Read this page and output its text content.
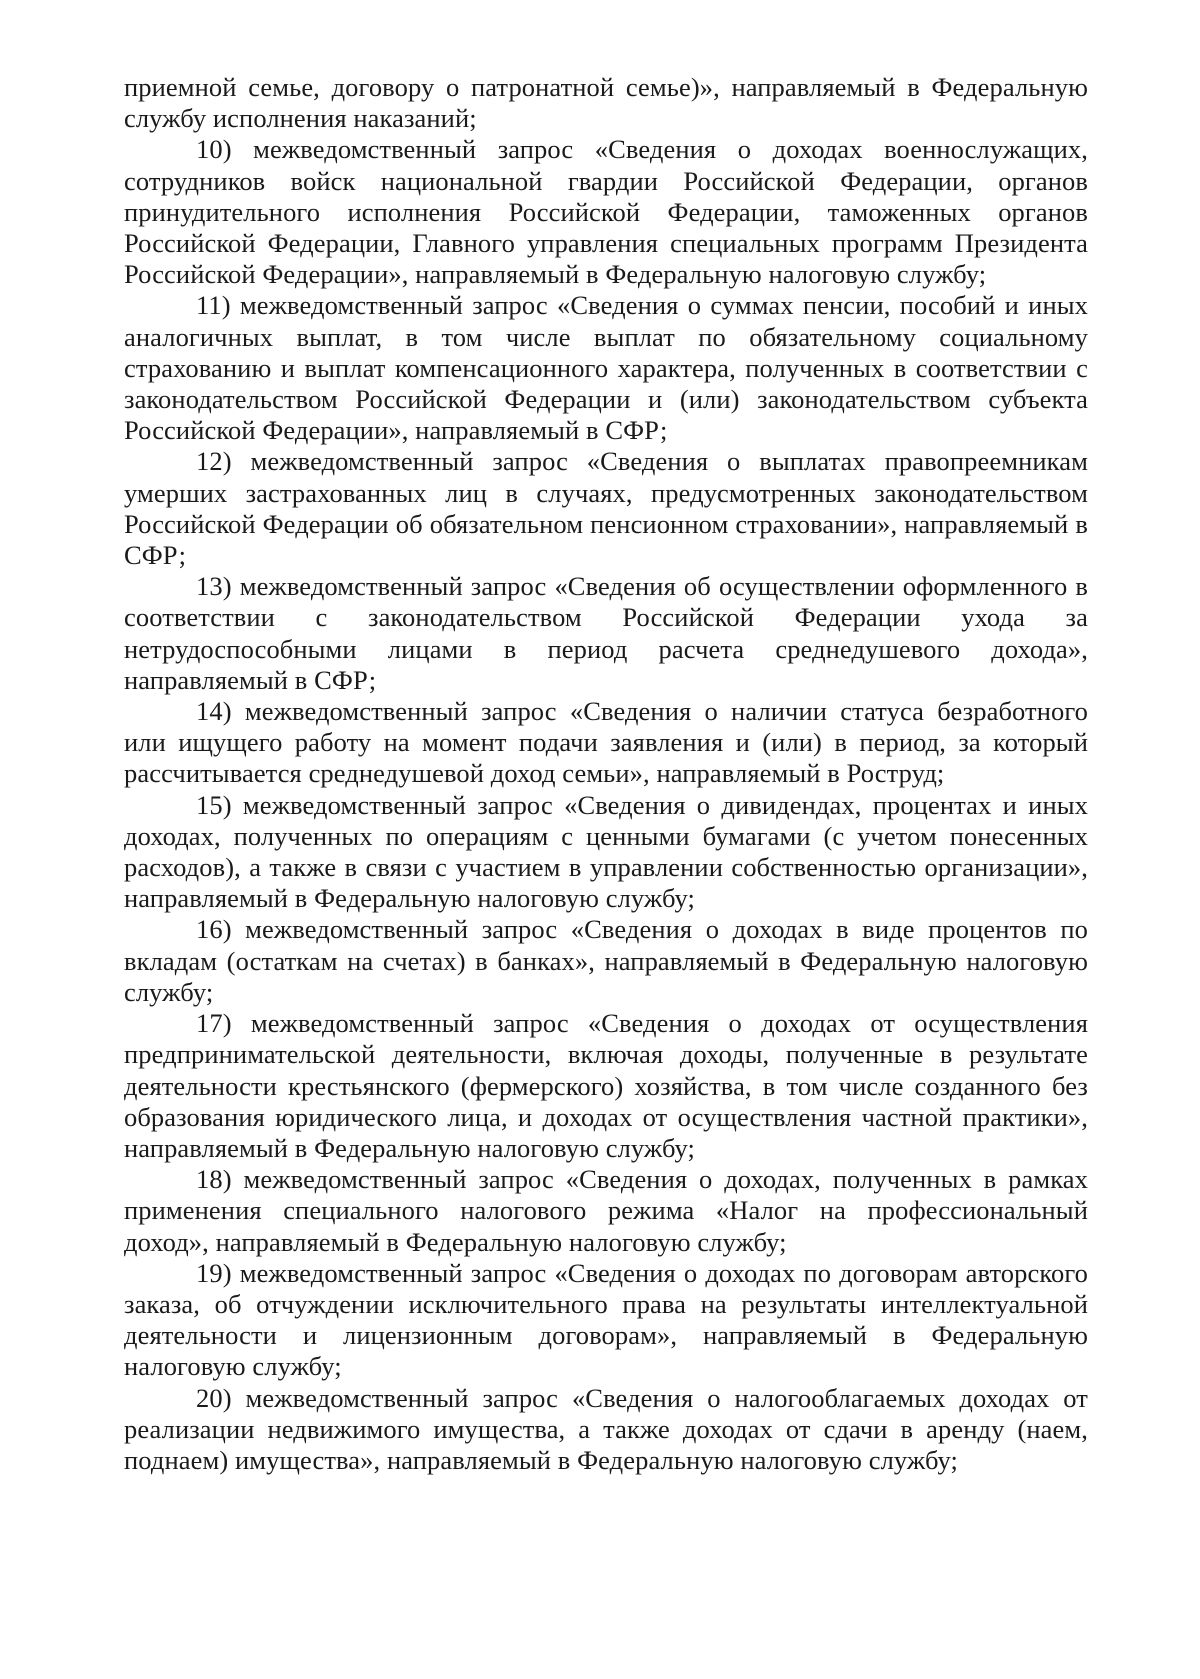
приемной семье, договору о патронатной семье)», направляемый в Федеральную службу исполнения наказаний;

10) межведомственный запрос «Сведения о доходах военнослужащих, сотрудников войск национальной гвардии Российской Федерации, органов принудительного исполнения Российской Федерации, таможенных органов Российской Федерации, Главного управления специальных программ Президента Российской Федерации», направляемый в Федеральную налоговую службу;

11) межведомственный запрос «Сведения о суммах пенсии, пособий и иных аналогичных выплат, в том числе выплат по обязательному социальному страхованию и выплат компенсационного характера, полученных в соответствии с законодательством Российской Федерации и (или) законодательством субъекта Российской Федерации», направляемый в СФР;

12) межведомственный запрос «Сведения о выплатах правопреемникам умерших застрахованных лиц в случаях, предусмотренных законодательством Российской Федерации об обязательном пенсионном страховании», направляемый в СФР;

13) межведомственный запрос «Сведения об осуществлении оформленного в соответствии с законодательством Российской Федерации ухода за нетрудоспособными лицами в период расчета среднедушевого дохода», направляемый в СФР;

14) межведомственный запрос «Сведения о наличии статуса безработного или ищущего работу на момент подачи заявления и (или) в период, за который рассчитывается среднедушевой доход семьи», направляемый в Роструд;

15) межведомственный запрос «Сведения о дивидендах, процентах и иных доходах, полученных по операциям с ценными бумагами (с учетом понесенных расходов), а также в связи с участием в управлении собственностью организации», направляемый в Федеральную налоговую службу;

16) межведомственный запрос «Сведения о доходах в виде процентов по вкладам (остаткам на счетах) в банках», направляемый в Федеральную налоговую службу;

17) межведомственный запрос «Сведения о доходах от осуществления предпринимательской деятельности, включая доходы, полученные в результате деятельности крестьянского (фермерского) хозяйства, в том числе созданного без образования юридического лица, и доходах от осуществления частной практики», направляемый в Федеральную налоговую службу;

18) межведомственный запрос «Сведения о доходах, полученных в рамках применения специального налогового режима «Налог на профессиональный доход», направляемый в Федеральную налоговую службу;

19) межведомственный запрос «Сведения о доходах по договорам авторского заказа, об отчуждении исключительного права на результаты интеллектуальной деятельности и лицензионным договорам», направляемый в Федеральную налоговую службу;

20) межведомственный запрос «Сведения о налогооблагаемых доходах от реализации недвижимого имущества, а также доходах от сдачи в аренду (наем, поднаем) имущества», направляемый в Федеральную налоговую службу;
